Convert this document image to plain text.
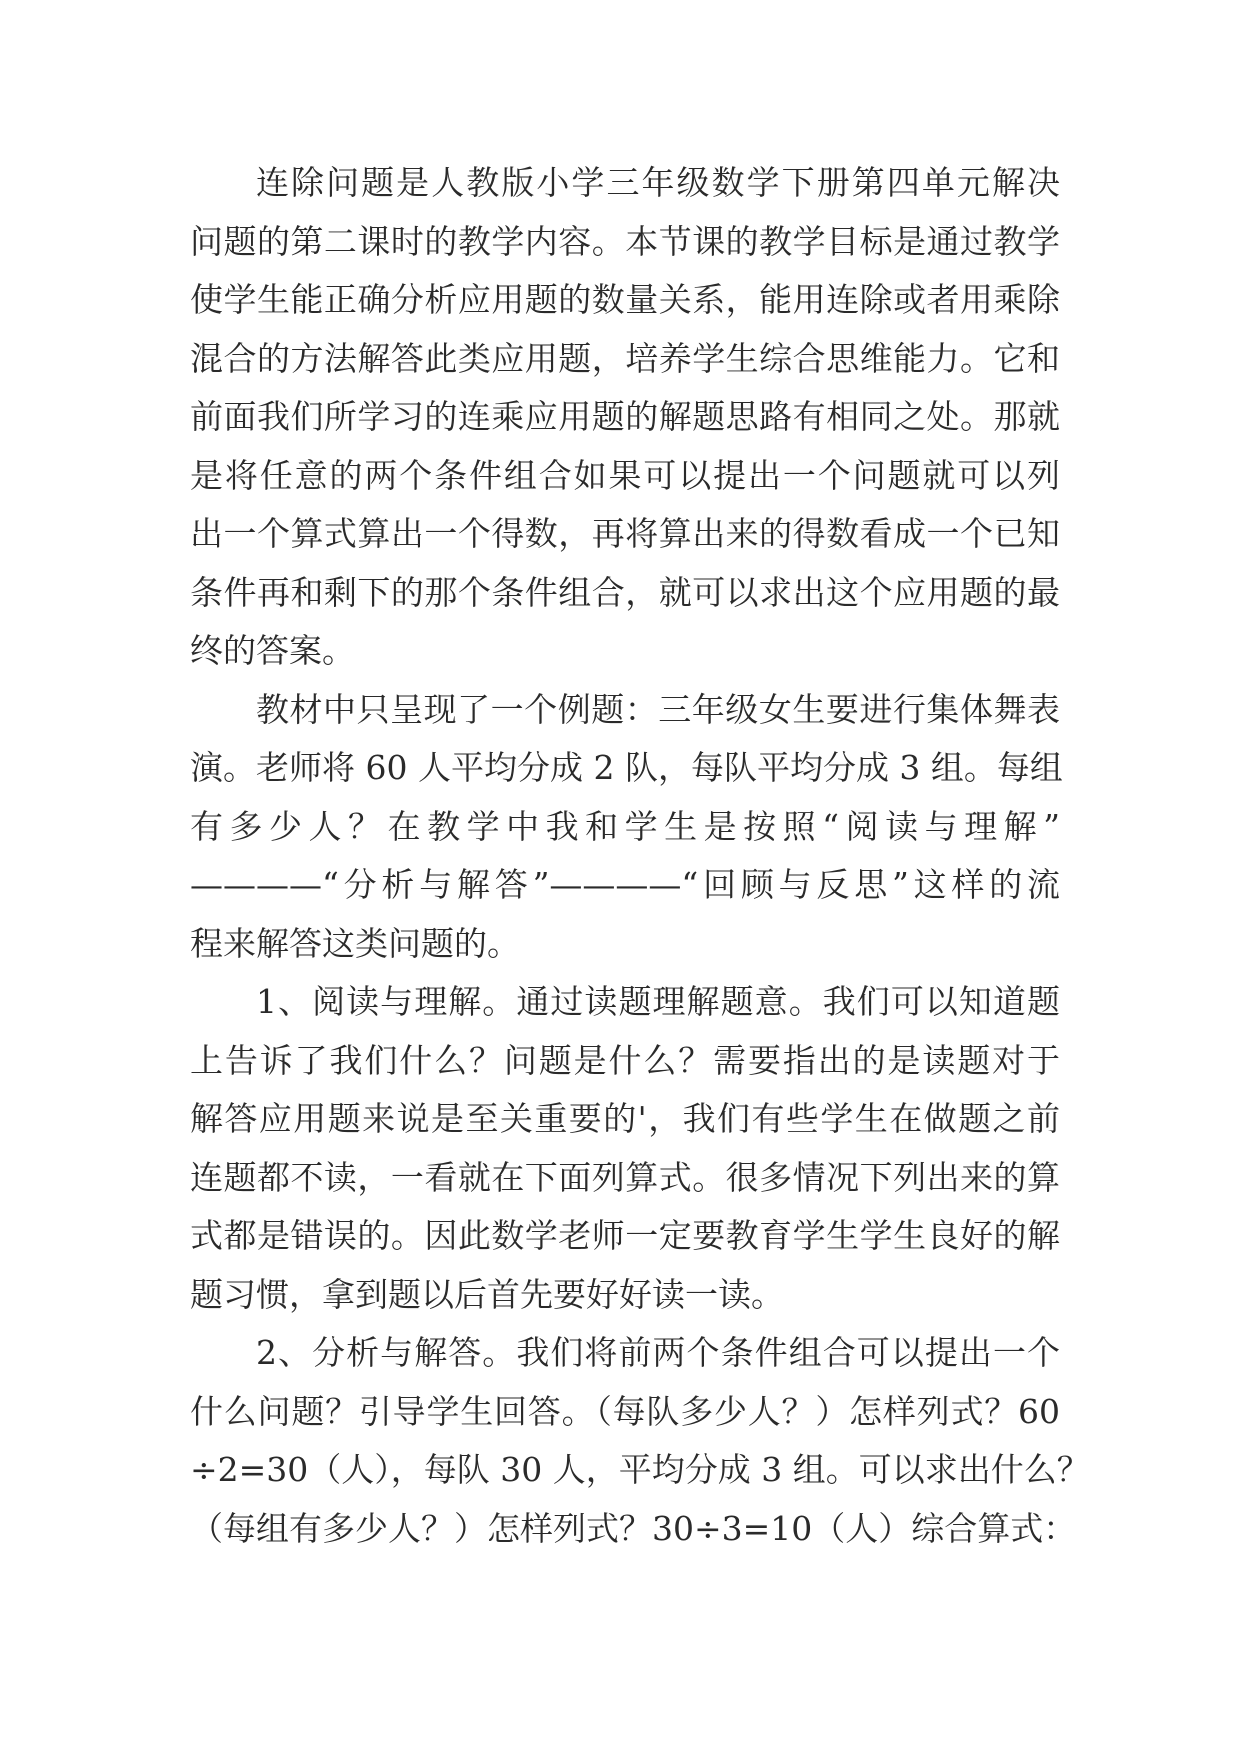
连除问题是人教版小学三年级数学下册第四单元解决
问题的第二课时的教学内容。本节课的教学目标是通过教学
使学生能正确分析应用题的数量关系，能用连除或者用乘除
混合的方法解答此类应用题，培养学生综合思维能力。它和
前面我们所学习的连乘应用题的解题思路有相同之处。那就
是将任意的两个条件组合如果可以提出一个问题就可以列
出一个算式算出一个得数，再将算出来的得数看成一个已知
条件再和剩下的那个条件组合，就可以求出这个应用题的最
终的答案。
教材中只呈现了一个例题：三年级女生要进行集体舞表
演。老师将 60 人平均分成 2 队，每队平均分成 3 组。每组
有多少人？在教学中我和学生是按照“阅读与理解”
————“分析与解答”————“回顾与反思”这样的流
程来解答这类问题的。
1、阅读与理解。通过读题理解题意。我们可以知道题
上告诉了我们什么？问题是什么？需要指出的是读题对于
解答应用题来说是至关重要的'，我们有些学生在做题之前
连题都不读，一看就在下面列算式。很多情况下列出来的算
式都是错误的。因此数学老师一定要教育学生学生良好的解
题习惯，拿到题以后首先要好好读一读。
2、分析与解答。我们将前两个条件组合可以提出一个
什么问题？引导学生回答。（每队多少人？）怎样列式？60
÷2=30（人），每队 30 人，平均分成 3 组。可以求出什么？
（每组有多少人？）怎样列式？30÷3=10（人）综合算式：
